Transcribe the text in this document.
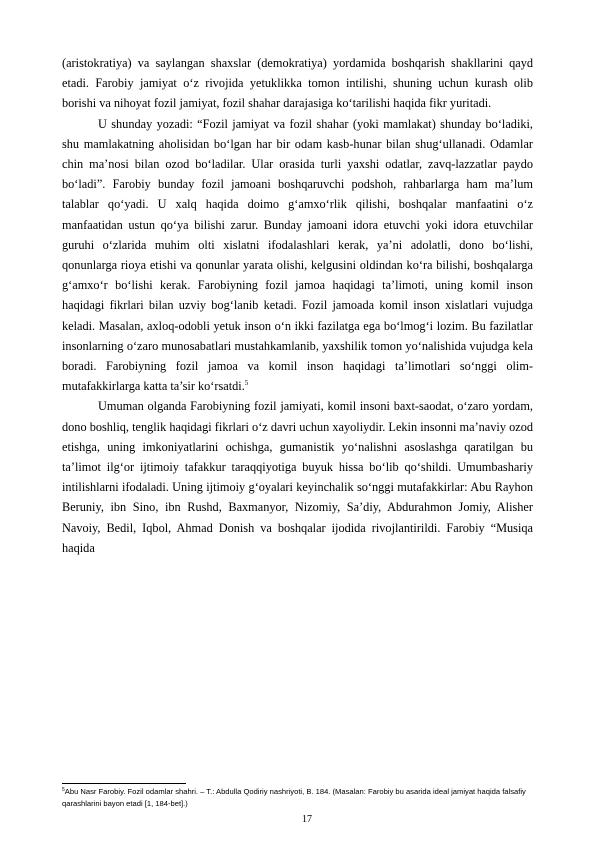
(aristokratiya) va saylangan shaxslar (demokratiya) yordamida boshqarish shakllarini qayd etadi. Farobiy jamiyat o‘z rivojida yetuklikka tomon intilishi, shuning uchun kurash olib borishi va nihoyat fozil jamiyat, fozil shahar darajasiga ko‘tarilishi haqida fikr yuritadi.

U shunday yozadi: “Fozil jamiyat va fozil shahar (yoki mamlakat) shunday bo‘ladiki, shu mamlakatning aholisidan bo‘lgan har bir odam kasb-hunar bilan shug‘ullanadi. Odamlar chin ma’nosi bilan ozod bo‘ladilar. Ular orasida turli yaxshi odatlar, zavq-lazzatlar paydo bo‘ladi”. Farobiy bunday fozil jamoani boshqaruvchi podshoh, rahbarlarga ham ma’lum talablar qo‘yadi. U xalq haqida doimo g‘amxo‘rlik qilishi, boshqalar manfaatini o‘z manfaatidan ustun qo‘ya bilishi zarur. Bunday jamoani idora etuvchi yoki idora etuvchilar guruhi o‘zlarida muhim olti xislatni ifodalashlari kerak, ya’ni adolatli, dono bo‘lishi, qonunlarga rioya etishi va qonunlar yarata olishi, kelgusini oldindan ko‘ra bilishi, boshqalarga g‘amxo‘r bo‘lishi kerak. Farobiyning fozil jamoa haqidagi ta’limoti, uning komil inson haqidagi fikrlari bilan uzviy bog‘lanib ketadi. Fozil jamoada komil inson xislatlari vujudga keladi. Masalan, axloq-odobli yetuk inson o‘n ikki fazilatga ega bo‘lmog‘i lozim. Bu fazilatlar insonlarning o‘zaro munosabatlari mustahkamlanib, yaxshilik tomon yo‘nalishida vujudga kela boradi. Farobiyning fozil jamoa va komil inson haqidagi ta’limotlari so‘nggi olim-mutafakkirlarga katta ta’sir ko‘rsatdi.$^5$

Umuman olganda Farobiyning fozil jamiyati, komil insoni baxt-saodat, o‘zaro yordam, dono boshliq, tenglik haqidagi fikrlari o‘z davri uchun xayoliydir. Lekin insonni ma’naviy ozod etishga, uning imkoniyatlarini ochishga, gumanistik yo‘nalishni asoslashga qaratilgan bu ta’limot ilg‘or ijtimoiy tafakkur taraqqiyotiga buyuk hissa bo‘lib qo‘shildi. Umumbashariy intilishlarni ifodaladi. Uning ijtimoiy g‘oyalari keyinchalik so‘nggi mutafakkirlar: Abu Rayhon Beruniy, ibn Sino, ibn Rushd, Baxmanyor, Nizomiy, Sa’diy, Abdurahmon Jomiy, Alisher Navoiy, Bedil, Iqbol, Ahmad Donish va boshqalar ijodida rivojlantirildi. Farobiy “Musiqa haqida

$^5$Abu Nasr Farobiy. Fozil odamlar shahri. – T.: Abdulla Qodiriy nashriyoti, B. 184. (Masalan: Farobiy bu asarida ideal jamiyat haqida falsafiy qarashlarini bayon etadi [1, 184-bet].)
17
